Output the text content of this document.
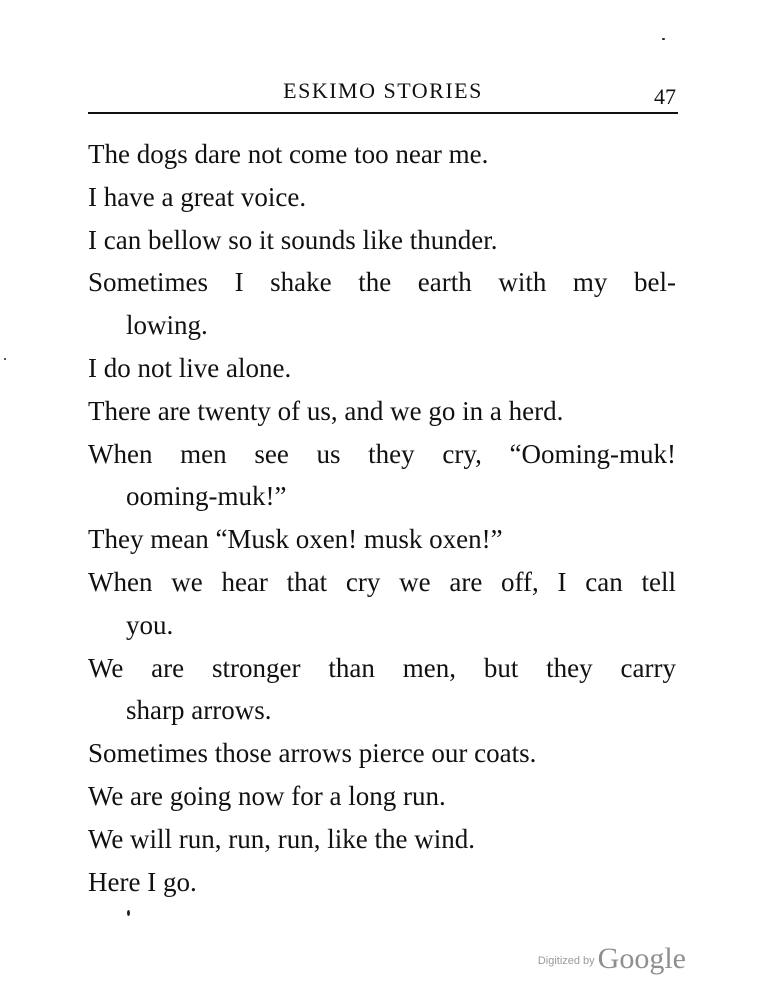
ESKIMO STORIES	47

The dogs dare not come too near me.

I have a great voice.

I can bellow so it sounds like thunder.

Sometimes I shake the earth with my bel-
lowing.

I do not live alone.

There are twenty of us, and we go in a herd.

When men see us they cry, “Ooming-muk!
ooming-muk!”

They mean “Musk oxen! musk oxen!”

When we hear that cry we are off, I can tell
you.

We are stronger than men, but they carry
sharp arrows.

Sometimes those arrows pierce our coats.

We are going now for a long run.

We will run, run, run, like the wind.

Here I go.

$^{Digitized by}$ Google
